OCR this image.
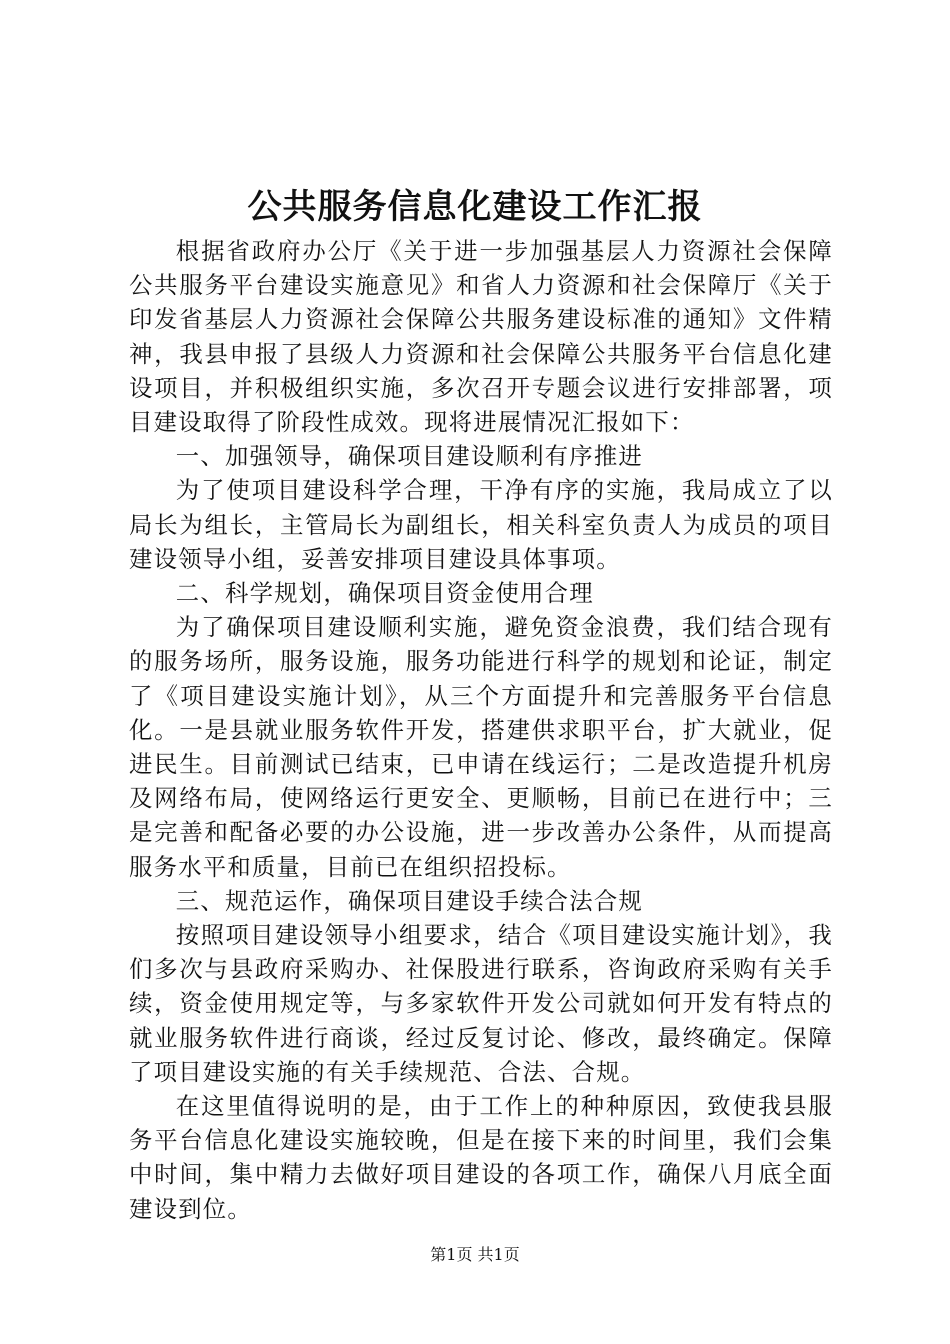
公共服务信息化建设工作汇报

根据省政府办公厅《关于进一步加强基层人力资源社会保障公共服务平台建设实施意见》和省人力资源和社会保障厅《关于印发省基层人力资源社会保障公共服务建设标准的通知》文件精神，我县申报了县级人力资源和社会保障公共服务平台信息化建设项目，并积极组织实施，多次召开专题会议进行安排部署，项目建设取得了阶段性成效。现将进展情况汇报如下：

一、加强领导，确保项目建设顺利有序推进

为了使项目建设科学合理，干净有序的实施，我局成立了以局长为组长，主管局长为副组长，相关科室负责人为成员的项目建设领导小组，妥善安排项目建设具体事项。

二、科学规划，确保项目资金使用合理

为了确保项目建设顺利实施，避免资金浪费，我们结合现有的服务场所，服务设施，服务功能进行科学的规划和论证，制定了《项目建设实施计划》，从三个方面提升和完善服务平台信息化。一是县就业服务软件开发，搭建供求职平台，扩大就业，促进民生。目前测试已结束，已申请在线运行；二是改造提升机房及网络布局，使网络运行更安全、更顺畅，目前已在进行中；三是完善和配备必要的办公设施，进一步改善办公条件，从而提高服务水平和质量，目前已在组织招投标。

三、规范运作，确保项目建设手续合法合规

按照项目建设领导小组要求，结合《项目建设实施计划》，我们多次与县政府采购办、社保股进行联系，咨询政府采购有关手续，资金使用规定等，与多家软件开发公司就如何开发有特点的就业服务软件进行商谈，经过反复讨论、修改，最终确定。保障了项目建设实施的有关手续规范、合法、合规。

在这里值得说明的是，由于工作上的种种原因，致使我县服务平台信息化建设实施较晚，但是在接下来的时间里，我们会集中时间，集中精力去做好项目建设的各项工作，确保八月底全面建设到位。

第1页 共1页
